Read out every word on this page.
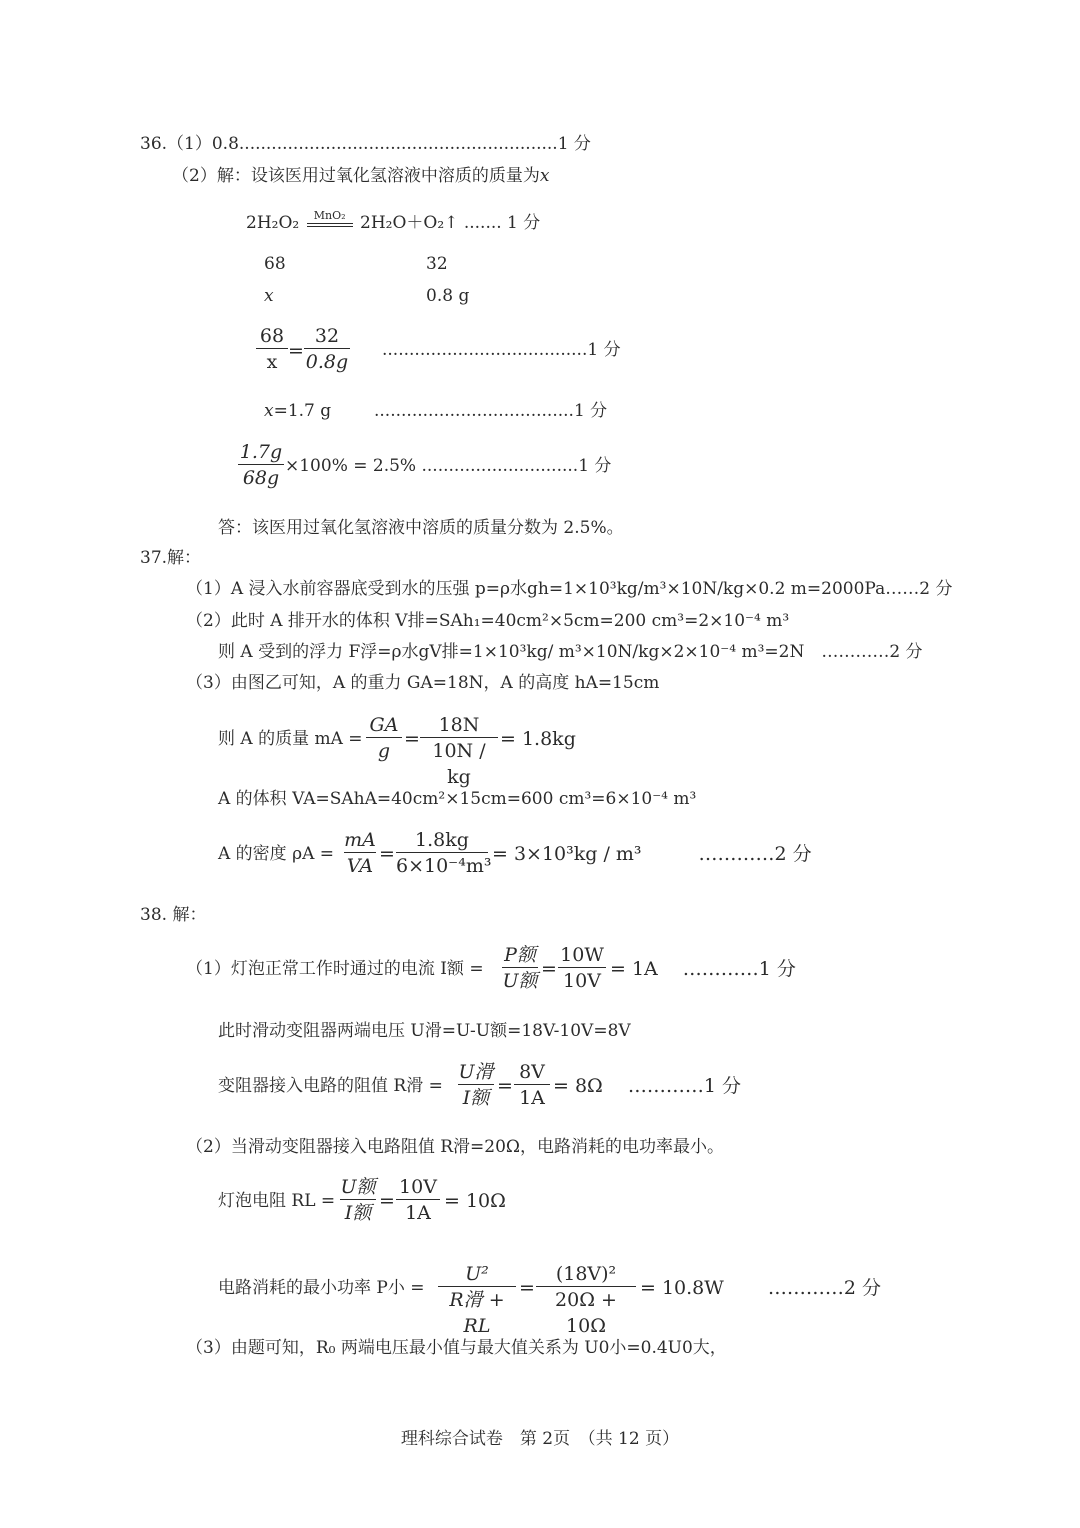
36.（1）0.8...........................................................1 分
（2）解：设该医用过氧化氢溶液中溶质的质量为x
2H₂O₂	MnO₂ 2H₂O＋O₂↑ ....... 1 分
68	32
x	0.8 g
68
x =
32
0.8g
......................................1 分
x=1.7 g	.....................................1 分
1.7g
68g
×100% = 2.5% .............................1 分
答：该医用过氧化氢溶液中溶质的质量分数为 2.5%。
37.解：
（1）A 浸入水前容器底受到水的压强 p=ρ水gh=1×10³kg/m³×10N/kg×0.2 m=2000Pa……2 分
（2）此时 A 排开水的体积 V排=SAh₁=40cm²×5cm=200 cm³=2×10⁻⁴ m³
则 A 受到的浮力 F浮=ρ水gV排=1×10³kg/ m³×10N/kg×2×10⁻⁴ m³=2N　…………2 分
（3）由图乙可知，A 的重力 GA=18N，A 的高度 hA=15cm
则 A 的质量 mA =
GA
g
=
18N
10N / kg
= 1.8kg
A 的体积 VA=SAhA=40cm²×15cm=600 cm³=6×10⁻⁴ m³
A 的密度 ρA =
mA
VA
=
1.8kg
6×10⁻⁴m³
= 3×10³kg / m³　　　…………2 分
38. 解：
（1）灯泡正常工作时通过的电流 I额 =
P额
U额
=
10W
10V
= 1A　 …………1 分
此时滑动变阻器两端电压 U滑=U-U额=18V-10V=8V
变阻器接入电路的阻值 R滑 =
U滑
I额
=
8V
1A
= 8Ω　 …………1 分
（2）当滑动变阻器接入电路阻值 R滑=20Ω，电路消耗的电功率最小。
灯泡电阻 RL =
U额
I额
=
10V
1A
= 10Ω
电路消耗的最小功率 P小 =
U²
R滑 + RL
=
(18V)²
20Ω + 10Ω
= 10.8W　　 …………2 分
（3）由题可知，R₀ 两端电压最小值与最大值关系为 U0小=0.4U0大，
理科综合试卷　第 2页　（共 12 页）
